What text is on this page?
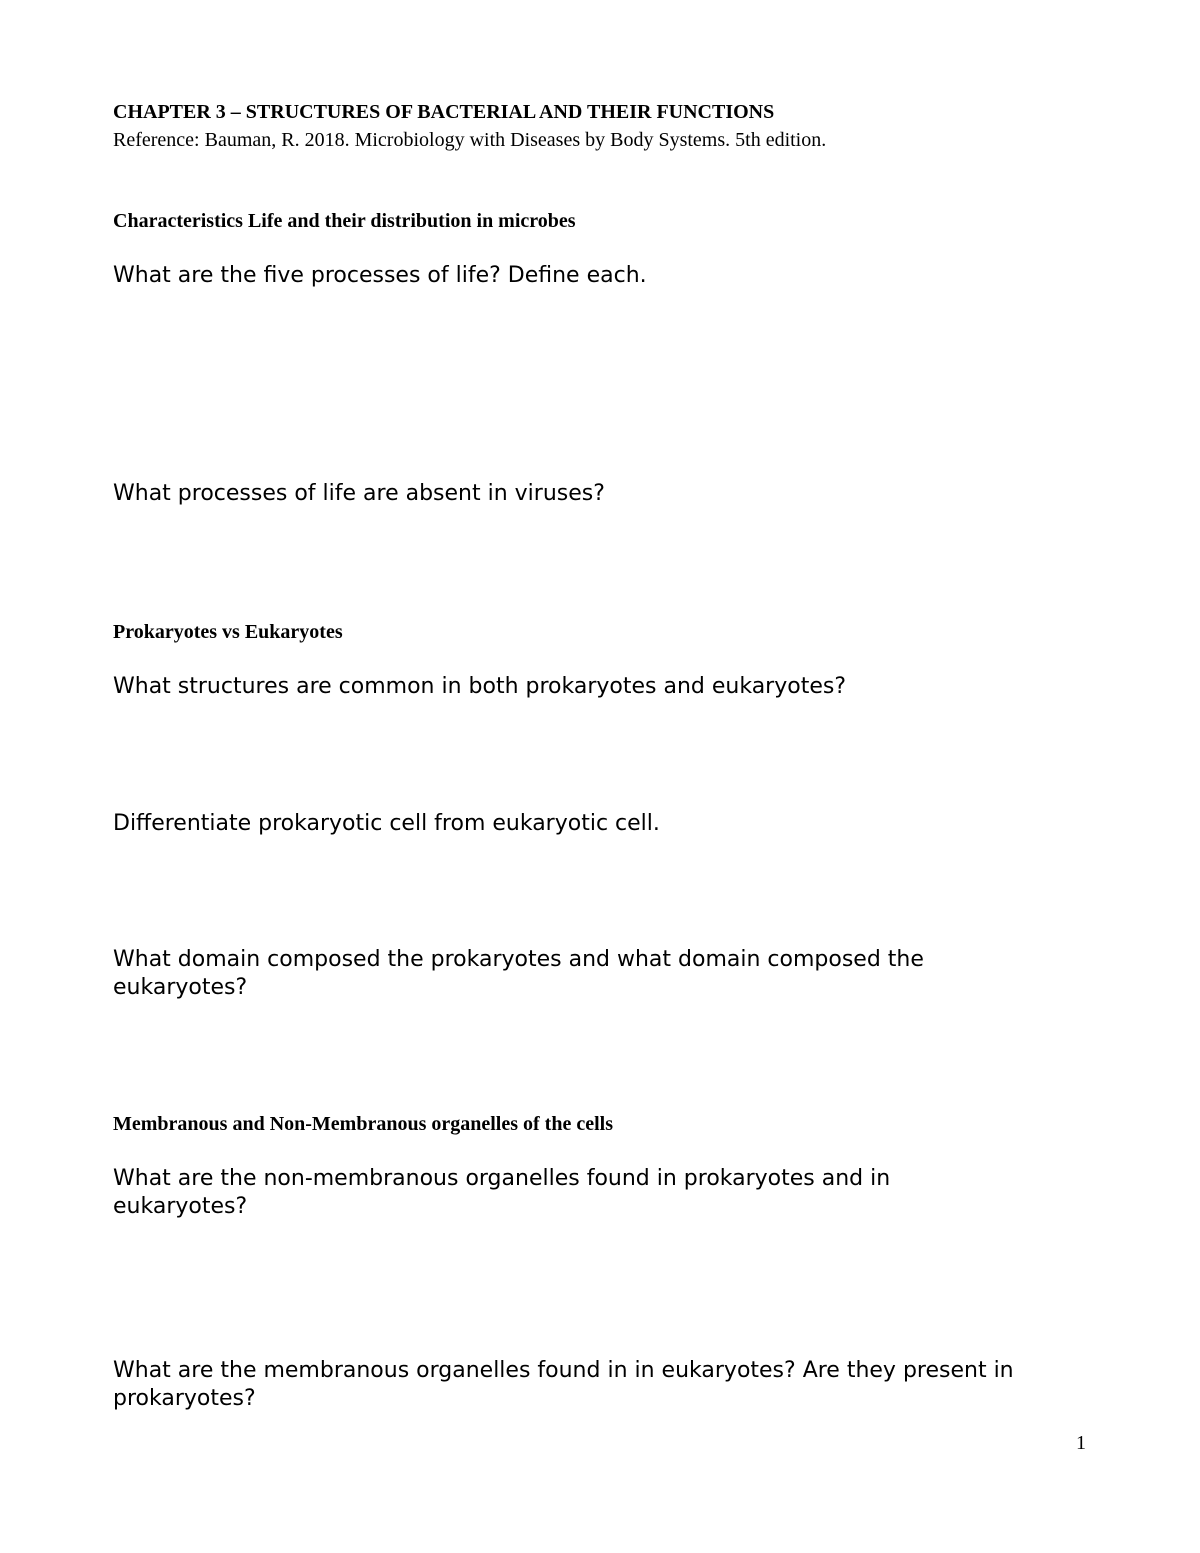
CHAPTER 3 – STRUCTURES OF BACTERIAL AND THEIR FUNCTIONS

Reference: Bauman, R. 2018. Microbiology with Diseases by Body Systems. 5th edition.

Characteristics Life and their distribution in microbes

What are the five processes of life? Define each.

What processes of life are absent in viruses?

Prokaryotes vs Eukaryotes

What structures are common in both prokaryotes and eukaryotes?

Differentiate prokaryotic cell from eukaryotic cell.

What domain composed the prokaryotes and what domain composed the eukaryotes?

Membranous and Non-Membranous organelles of the cells

What are the non-membranous organelles found in prokaryotes and in eukaryotes?

What are the membranous organelles found in in eukaryotes? Are they present in prokaryotes?

1
